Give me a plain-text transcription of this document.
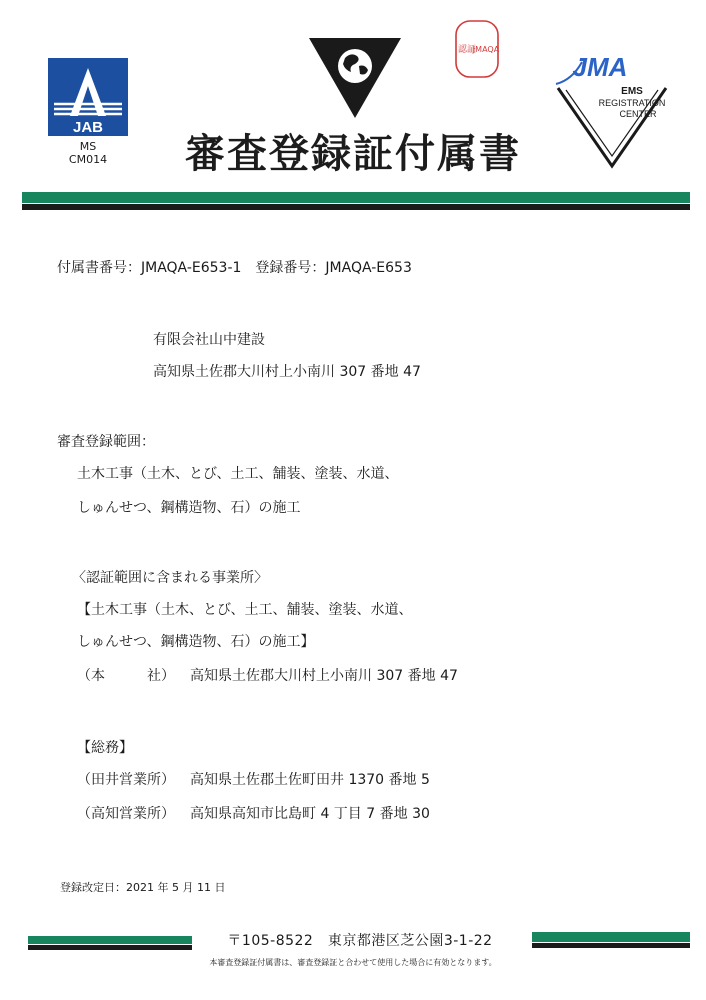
JAB
MS
CM014
認証
JMAQA
JMA
EMS
REGISTRATION
CENTER
審査登録証付属書
付属書番号：JMAQA-E653-1　登録番号：JMAQA-E653
有限会社山中建設
高知県土佐郡大川村上小南川 307 番地 47
審査登録範囲：
土木工事（土木、とび、土工、舗装、塗装、水道、
しゅんせつ、鋼構造物、石）の施工
〈認証範囲に含まれる事業所〉
【土木工事（土木、とび、土工、舗装、塗装、水道、
しゅんせつ、鋼構造物、石）の施工】
（本　　　社） 高知県土佐郡大川村上小南川 307 番地 47
【総務】
（田井営業所） 高知県土佐郡土佐町田井 1370 番地 5
（高知営業所） 高知県高知市比島町 4 丁目 7 番地 30
登録改定日：2021 年 5 月 11 日
〒105-8522　東京都港区芝公園3-1-22
本審査登録証付属書は、審査登録証と合わせて使用した場合に有効となります。
